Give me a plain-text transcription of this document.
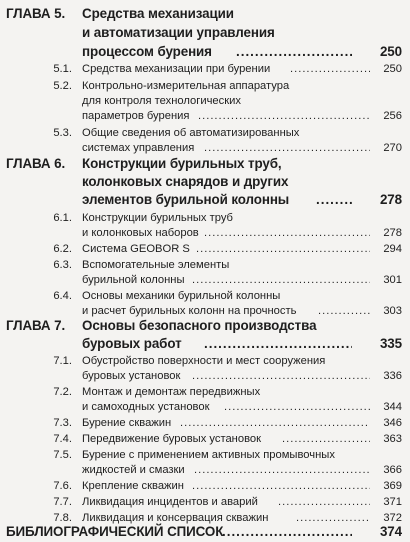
ГЛАВА 5. Средства механизации
и автоматизации управления
процессом бурения .....	250
5.1. Средства механизации при бурении .....	250
5.2. Контрольно-измерительная аппаратура
для контроля технологических
параметров бурения .....	256
5.3. Общие сведения об автоматизированных
системах управления .....	270
ГЛАВА 6. Конструкции бурильных труб,
колонковых снарядов и других
элементов бурильной колонны .....	278
6.1. Конструкции бурильных труб
и колонковых наборов .....	278
6.2. Система GEOBOR S .....	294
6.3. Вспомогательные элементы
бурильной колонны .....	301
6.4. Основы механики бурильной колонны
и расчет бурильных колонн на прочность .....	303
ГЛАВА 7. Основы безопасного производства
буровых работ .....	335
7.1. Обустройство поверхности и мест сооружения
буровых установок .....	336
7.2. Монтаж и демонтаж передвижных
и самоходных установок .....	344
7.3. Бурение скважин .....	346
7.4. Передвижение буровых установок .....	363
7.5. Бурение с применением активных промывочных
жидкостей и смазки .....	366
7.6. Крепление скважин .....	369
7.7. Ликвидация инцидентов и аварий .....	371
7.8. Ликвидация и консервация скважин .....	372
БИБЛИОГРАФИЧЕСКИЙ СПИСОК .....	374
